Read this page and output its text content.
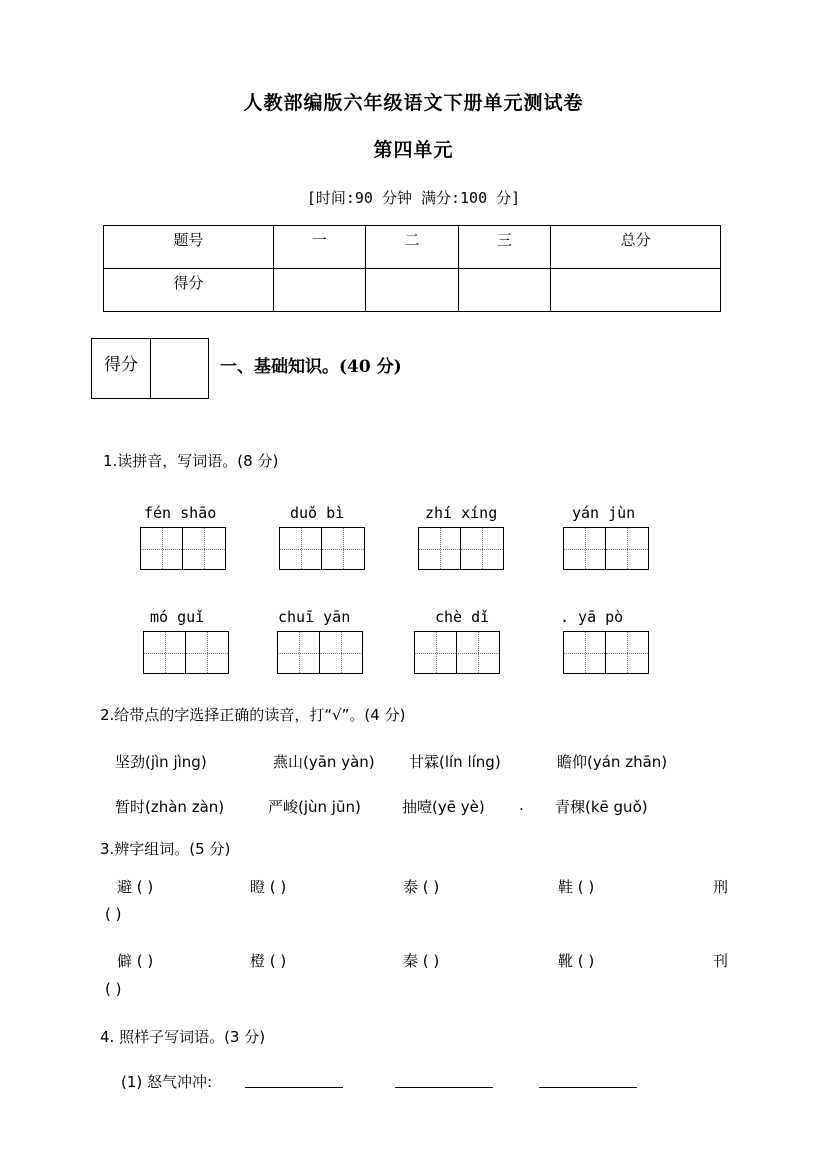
人教部编版六年级语文下册单元测试卷
第四单元
[时间:90 分钟 满分:100 分]
题号	一	二	三	总分
得分				
得分	一、基础知识。(40 分)
1.读拼音，写词语。(8 分)
fén shāo	duǒ bì	zhí xíng	yán jùn
mó guǐ	chuī yān	chè dǐ	. yā pò
2.给带点的字选择正确的读音，打“√”。(4 分)
坚劲(jìn jìng)	燕山(yān yàn) 甘霖(lín líng)	瞻仰(yán zhān)
暂时(zhàn zàn)	严峻(jùn jūn)	抽噎(yē yè) . 青稞(kē guǒ)
3.辨字组词。(5 分)
避 ( )	瞪 ( )	泰 ( )	鞋 ( )	刑
( )
僻 ( )	橙 ( )	秦 ( )	靴 ( )	刊
( )
4. 照样子写词语。(3 分)
(1) 怒气冲冲:
